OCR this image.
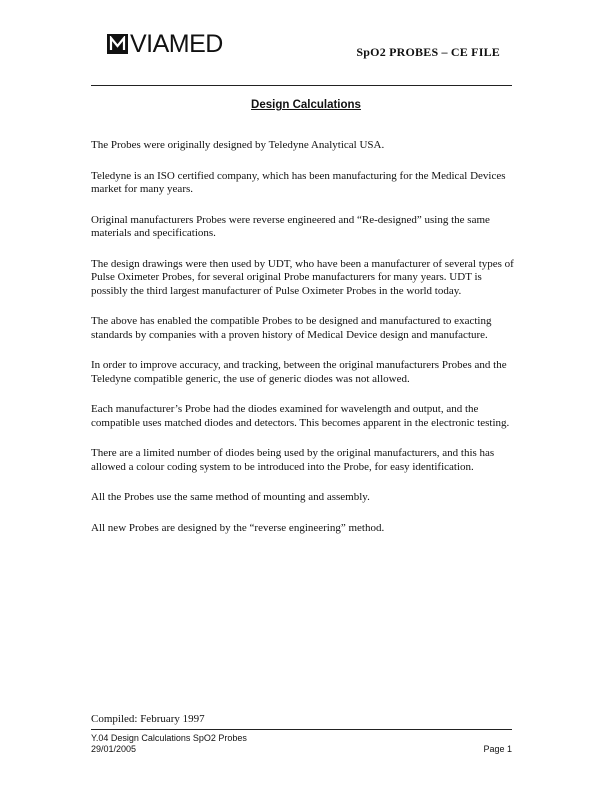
VIAMED	SpO2 PROBES – CE FILE
Design Calculations

The Probes were originally designed by Teledyne Analytical USA.

Teledyne is an ISO certified company, which has been manufacturing for the Medical Devices market for many years.

Original manufacturers Probes were reverse engineered and “Re-designed” using the same materials and specifications.

The design drawings were then used by UDT, who have been a manufacturer of several types of Pulse Oximeter Probes, for several original Probe manufacturers for many years. UDT is possibly the third largest manufacturer of Pulse Oximeter Probes in the world today.

The above has enabled the compatible Probes to be designed and manufactured to exacting standards by companies with a proven history of Medical Device design and manufacture.

In order to improve accuracy, and tracking, between the original manufacturers Probes and the Teledyne compatible generic, the use of generic diodes was not allowed.

Each manufacturer’s Probe had the diodes examined for wavelength and output, and the compatible uses matched diodes and detectors. This becomes apparent in the electronic testing.

There are a limited number of diodes being used by the original manufacturers, and this has allowed a colour coding system to be introduced into the Probe, for easy identification.

All the Probes use the same method of mounting and assembly.

All new Probes are designed by the “reverse engineering” method.

Compiled: February 1997
Y.04 Design Calculations SpO2 Probes
29/01/2005	Page 1
